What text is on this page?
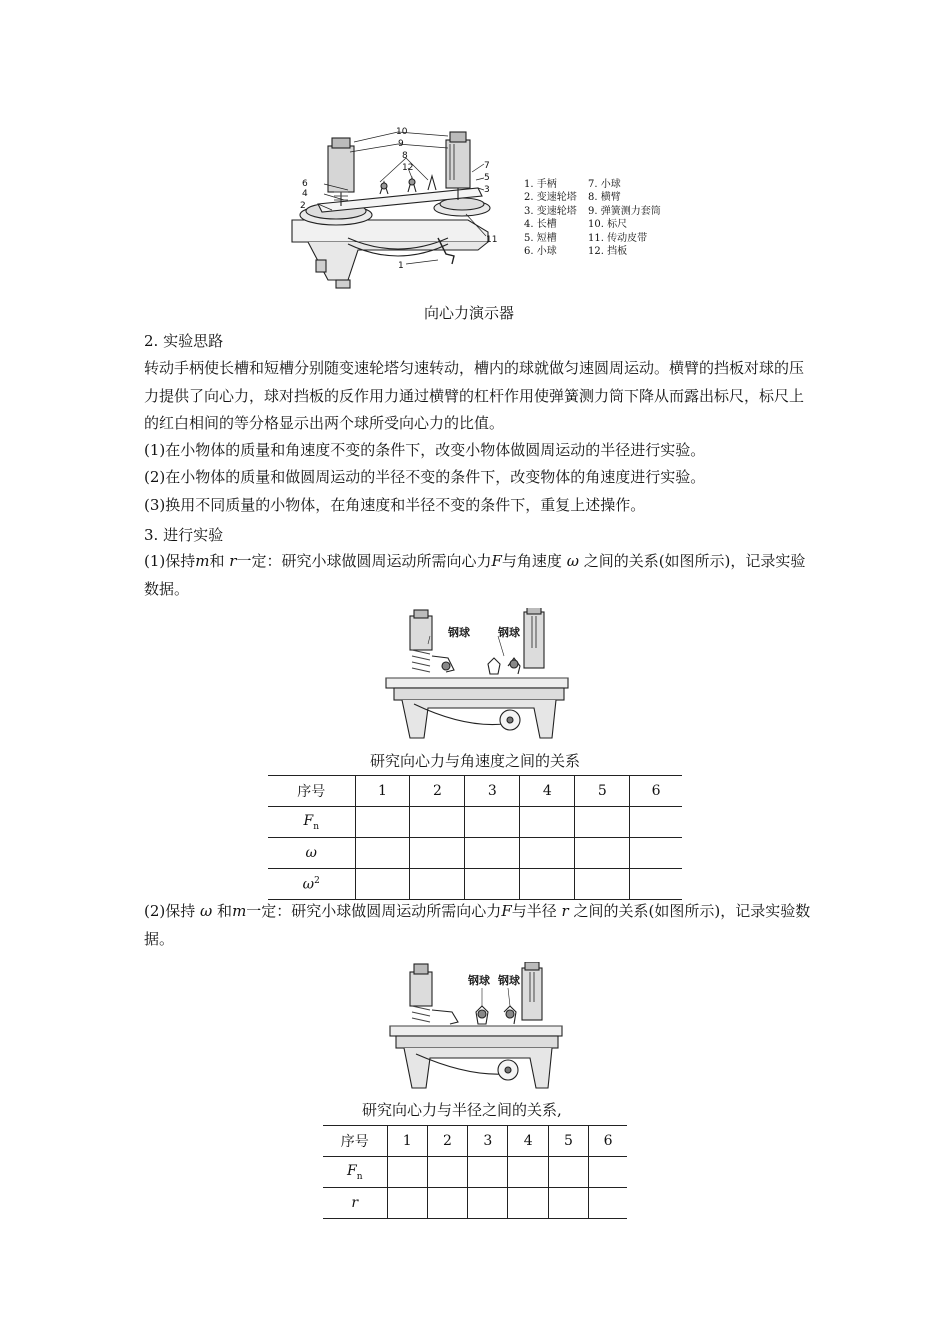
10
9
8
12	7
6
5
4	3
2
11
1
1. 手柄
2. 变速轮塔
3. 变速轮塔
4. 长槽
5. 短槽
6. 小球
7. 小球
8. 横臂
9. 弹簧测力套筒
10. 标尺
11. 传动皮带
12. 挡板
向心力演示器
2. 实验思路
转动手柄使长槽和短槽分别随变速轮塔匀速转动，槽内的球就做匀速圆周运动。横臂的挡板对球的压力提供了向心力，球对挡板的反作用力通过横臂的杠杆作用使弹簧测力筒下降从而露出标尺，标尺上的红白相间的等分格显示出两个球所受向心力的比值。
(1)在小物体的质量和角速度不变的条件下，改变小物体做圆周运动的半径进行实验。
(2)在小物体的质量和做圆周运动的半径不变的条件下，改变物体的角速度进行实验。
(3)换用不同质量的小物体，在角速度和半径不变的条件下，重复上述操作。
3. 进行实验
(1)保持m和 r一定：研究小球做圆周运动所需向心力F与角速度 ω 之间的关系(如图所示)，记录实验数据。
钢球	钢球
研究向心力与角速度之间的关系
序号	1	2	3	4	5	6
$F_n$						
ω						
$\omega^2$						
(2)保持 ω 和m一定：研究小球做圆周运动所需向心力F与半径 r 之间的关系(如图所示)，记录实验数据。
钢球 钢球
研究向心力与半径之间的关系,
序号	1	2	3	4	5	6
$F_n$						
r						
